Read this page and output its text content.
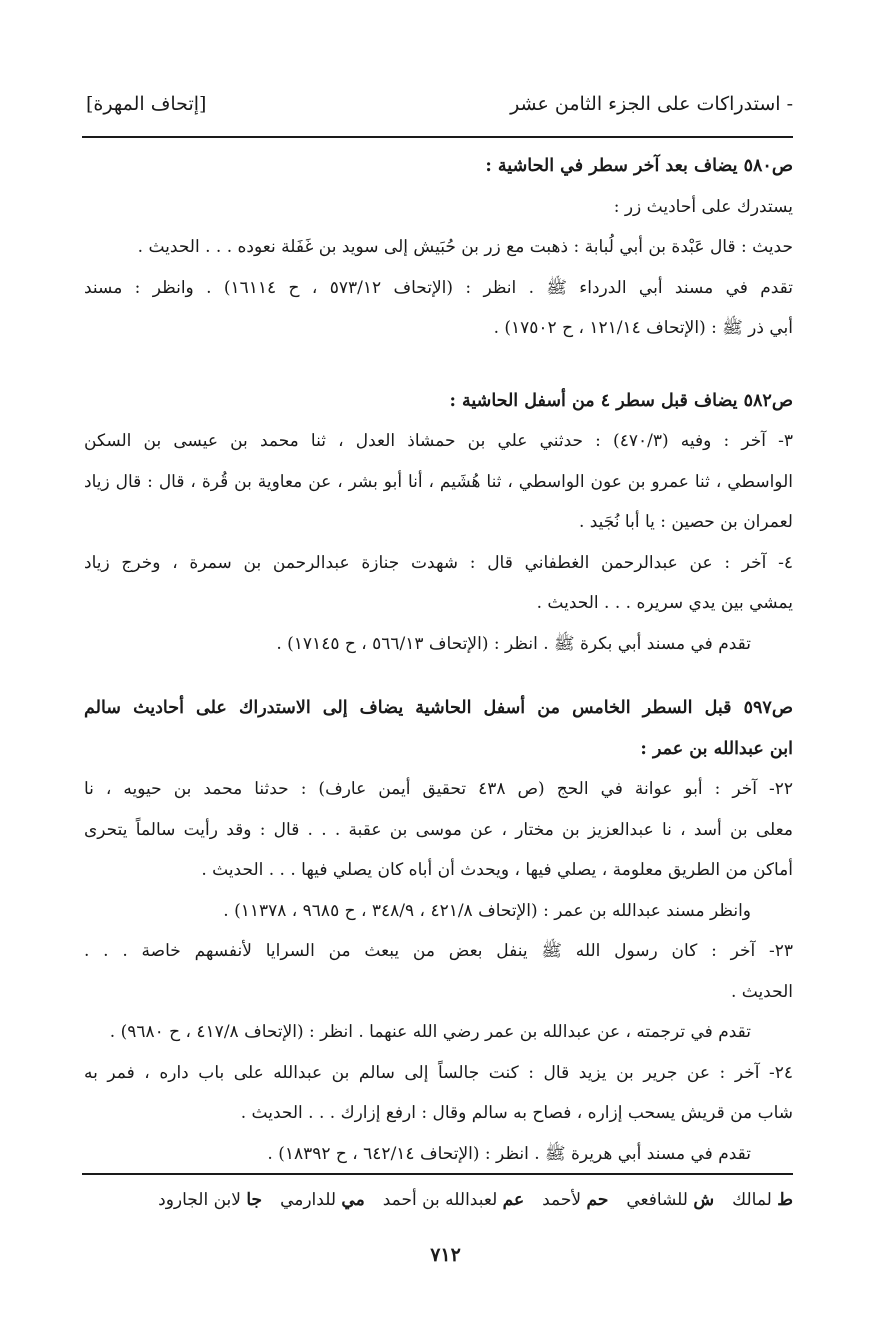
- استدراكات على الجزء الثامن عشر
[إتحاف المهرة]
ص٥٨٠ يضاف بعد آخر سطر في الحاشية :
يستدرك على أحاديث زر :
حديث : قال عَبْدة بن أبي لُبابة : ذهبت مع زر بن حُبَيش إلى سويد بن غَفَلة نعوده . . . الحديث .
تقدم في مسند أبي الدرداء ﷺ . انظر : (الإتحاف ٥٧٣/١٢ ، ح ١٦١١٤) . وانظر : مسند
أبي ذر ﷺ : (الإتحاف ١٢١/١٤ ، ح ١٧٥٠٢) .
ص٥٨٢ يضاف قبل سطر ٤ من أسفل الحاشية :
٣- آخر : وفيه (٤٧٠/٣) : حدثني علي بن حمشاذ العدل ، ثنا محمد بن عيسى بن السكن
الواسطي ، ثنا عمرو بن عون الواسطي ، ثنا هُشَيم ، أنا أبو بشر ، عن معاوية بن قُرة ، قال : قال زياد
لعمران بن حصين : يا أبا نُجَيد .
٤- آخر : عن عبدالرحمن الغطفاني قال : شهدت جنازة عبدالرحمن بن سمرة ، وخرج زياد
يمشي بين يدي سريره . . . الحديث .
تقدم في مسند أبي بكرة ﷺ . انظر : (الإتحاف ٥٦٦/١٣ ، ح ١٧١٤٥) .
ص٥٩٧ قبل السطر الخامس من أسفل الحاشية يضاف إلى الاستدراك على أحاديث سالم
ابن عبدالله بن عمر :
٢٢- آخر : أبو عوانة في الحج (ص ٤٣٨ تحقيق أيمن عارف) : حدثنا محمد بن حيويه ، نا
معلى بن أسد ، نا عبدالعزيز بن مختار ، عن موسى بن عقبة . . . قال : وقد رأيت سالماً يتحرى
أماكن من الطريق معلومة ، يصلي فيها ، ويحدث أن أباه كان يصلي فيها . . . الحديث .
وانظر مسند عبدالله بن عمر : (الإتحاف ٤٢١/٨ ، ٣٤٨/٩ ، ح ٩٦٨٥ ، ١١٣٧٨) .
٢٣- آخر : كان رسول الله ﷺ ينفل بعض من يبعث من السرايا لأنفسهم خاصة . . .
الحديث .
تقدم في ترجمته ، عن عبدالله بن عمر رضي الله عنهما . انظر : (الإتحاف ٤١٧/٨ ، ح ٩٦٨٠) .
٢٤- آخر : عن جرير بن يزيد قال : كنت جالساً إلى سالم بن عبدالله على باب داره ، فمر به
شاب من قريش يسحب إزاره ، فصاح به سالم وقال : ارفع إزارك . . . الحديث .
تقدم في مسند أبي هريرة ﷺ . انظر : (الإتحاف ٦٤٢/١٤ ، ح ١٨٣٩٢) .
ط لمالك
ش للشافعي
حم لأحمد
عم لعبدالله بن أحمد
مي للدارمي
جا لابن الجارود
٧١٢
